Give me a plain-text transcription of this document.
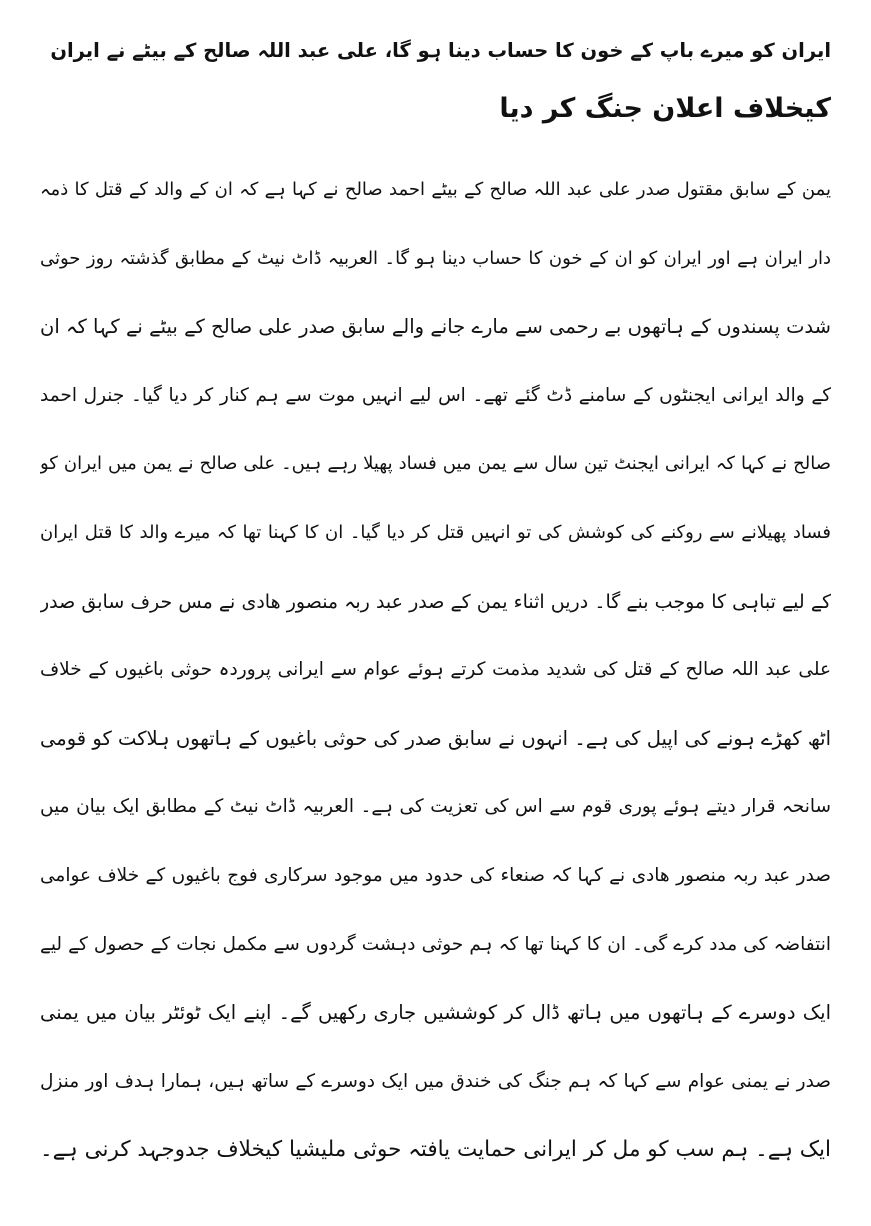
ایران کو میرے باپ کے خون کا حساب دینا ہو گا، علی عبد اللہ صالح کے بیٹے نے ایران
کیخلاف اعلان جنگ کر دیا
یمن کے سابق مقتول صدر علی عبد اللہ صالح کے بیٹے احمد صالح نے کہا ہے کہ ان کے والد کے قتل کا ذمہ
دار ایران ہے اور ایران کو ان کے خون کا حساب دینا ہو گا۔ العربیہ ڈاٹ نیٹ کے مطابق گذشتہ روز حوثی
شدت پسندوں کے ہاتھوں بے رحمی سے مارے جانے والے سابق صدر علی صالح کے بیٹے نے کہا کہ ان
کے والد ایرانی ایجنٹوں کے سامنے ڈٹ گئے تھے۔ اس لیے انہیں موت سے ہم کنار کر دیا گیا۔ جنرل احمد
صالح نے کہا کہ ایرانی ایجنٹ تین سال سے یمن میں فساد پھیلا رہے ہیں۔ علی صالح نے یمن میں ایران کو
فساد پھیلانے سے روکنے کی کوشش کی تو انہیں قتل کر دیا گیا۔ ان کا کہنا تھا کہ میرے والد کا قتل ایران
کے لیے تباہی کا موجب بنے گا۔ دریں اثناء یمن کے صدر عبد ربہ منصور ھادی نے مس حرف سابق صدر
علی عبد اللہ صالح کے قتل کی شدید مذمت کرتے ہوئے عوام سے ایرانی پروردہ حوثی باغیوں کے خلاف
اٹھ کھڑے ہونے کی اپیل کی ہے۔ انہوں نے سابق صدر کی حوثی باغیوں کے ہاتھوں ہلاکت کو قومی
سانحہ قرار دیتے ہوئے پوری قوم سے اس کی تعزیت کی ہے۔ العربیہ ڈاٹ نیٹ کے مطابق ایک بیان میں
صدر عبد ربہ منصور ھادی نے کہا کہ صنعاء کی حدود میں موجود سرکاری فوج باغیوں کے خلاف عوامی
انتفاضہ کی مدد کرے گی۔ ان کا کہنا تھا کہ ہم حوثی دہشت گردوں سے مکمل نجات کے حصول کے لیے
ایک دوسرے کے ہاتھوں میں ہاتھ ڈال کر کوششیں جاری رکھیں گے۔ اپنے ایک ٹوئٹر بیان میں یمنی
صدر نے یمنی عوام سے کہا کہ ہم جنگ کی خندق میں ایک دوسرے کے ساتھ ہیں، ہمارا ہدف اور منزل
ایک ہے۔ ہم سب کو مل کر ایرانی حمایت یافتہ حوثی ملیشیا کیخلاف جدوجہد کرنی ہے۔
